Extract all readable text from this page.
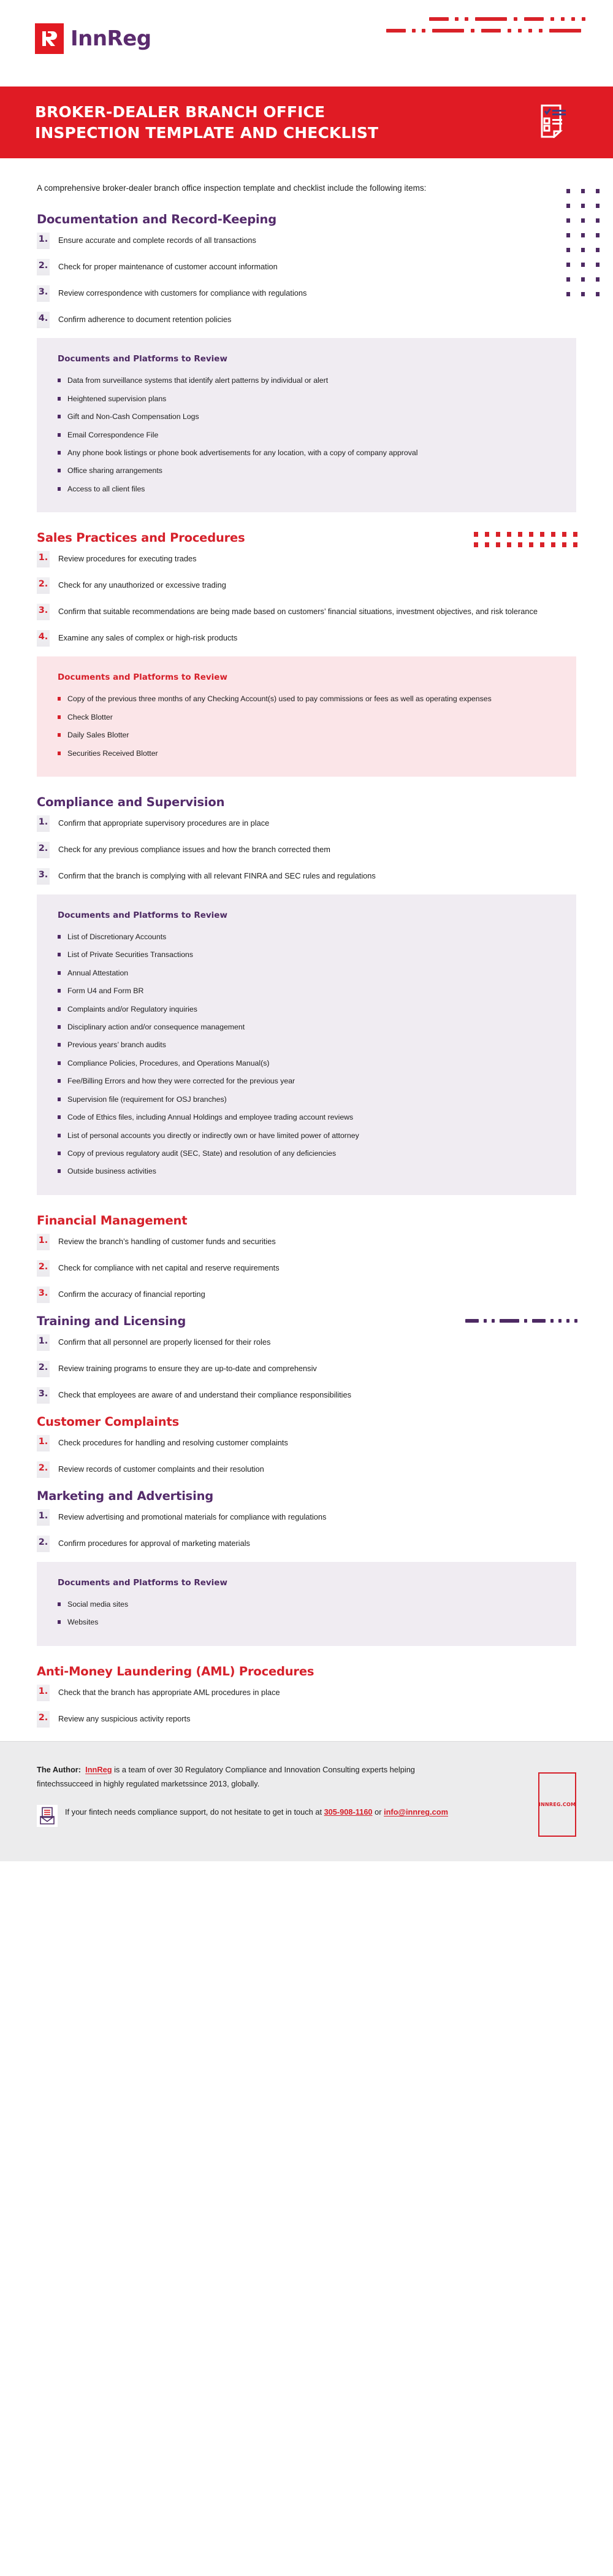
InnReg
BROKER-DEALER BRANCH OFFICE
INSPECTION TEMPLATE AND CHECKLIST

A comprehensive broker-dealer branch office inspection template and checklist include the following items:

Documentation and Record-Keeping
1. Ensure accurate and complete records of all transactions
2. Check for proper maintenance of customer account information
3. Review correspondence with customers for compliance with regulations
4. Confirm adherence to document retention policies
Documents and Platforms to Review
Data from surveillance systems that identify alert patterns by individual or alert
Heightened supervision plans
Gift and Non-Cash Compensation Logs
Email Correspondence File
Any phone book listings or phone book advertisements for any location, with a copy of company approval
Office sharing arrangements
Access to all client files
Sales Practices and Procedures
1. Review procedures for executing trades
2. Check for any unauthorized or excessive trading
3. Confirm that suitable recommendations are being made based on customers’ financial situations, investment objectives, and risk tolerance
4. Examine any sales of complex or high-risk products
Documents and Platforms to Review
Copy of the previous three months of any Checking Account(s) used to pay commissions or fees as well as operating expenses
Check Blotter
Daily Sales Blotter
Securities Received Blotter
Compliance and Supervision
1. Confirm that appropriate supervisory procedures are in place
2. Check for any previous compliance issues and how the branch corrected them
3. Confirm that the branch is complying with all relevant FINRA and SEC rules and regulations
Documents and Platforms to Review
List of Discretionary Accounts
List of Private Securities Transactions
Annual Attestation
Form U4 and Form BR
Complaints and/or Regulatory inquiries
Disciplinary action and/or consequence management
Previous years’ branch audits
Compliance Policies, Procedures, and Operations Manual(s)
Fee/Billing Errors and how they were corrected for the previous year
Supervision file (requirement for OSJ branches)
Code of Ethics files, including Annual Holdings and employee trading account reviews
List of personal accounts you directly or indirectly own or have limited power of attorney
Copy of previous regulatory audit (SEC, State) and resolution of any deficiencies
Outside business activities
Financial Management
1. Review the branch’s handling of customer funds and securities
2. Check for compliance with net capital and reserve requirements
3. Confirm the accuracy of financial reporting
Training and Licensing
1. Confirm that all personnel are properly licensed for their roles
2. Review training programs to ensure they are up-to-date and comprehensiv
3. Check that employees are aware of and understand their compliance responsibilities
Customer Complaints
1. Check procedures for handling and resolving customer complaints
2. Review records of customer complaints and their resolution
Marketing and Advertising
1. Review advertising and promotional materials for compliance with regulations
2. Confirm procedures for approval of marketing materials
Documents and Platforms to Review
Social media sites
Websites
Anti-Money Laundering (AML) Procedures
1. Check that the branch has appropriate AML procedures in place
2. Review any suspicious activity reports

The Author: InnReg is a team of over 30 Regulatory Compliance and Innovation Consulting experts helping fintechssucceed in highly regulated marketssince 2013, globally.

If your fintech needs compliance support, do not hesitate to get in touch at 305-908-1160 or info@innreg.com
INNREG.COM
